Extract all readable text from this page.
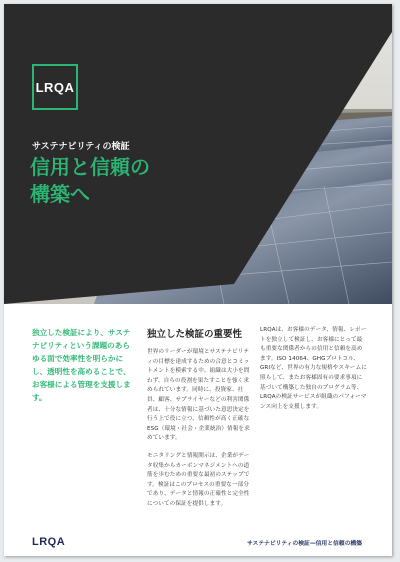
LRQA
サステナビリティの検証
信用と信頼の
構築へ
独立した検証により、サステナビリティという課題のあらゆる面で効率性を明らかにし、透明性を高めることで、お客様による管理を支援します。
独立した検証の重要性
世界のリーダーが環境とサステナビリティの目標を達成するための合意とコミットメントを模索する中、組織は大小を問わず、自らの役割を果たすことを強く求められています。同時に、投資家、社員、顧客、サプライヤーなどの利害関係者は、十分な情報に基づいた意思決定を行う上で役に立つ、信頼性が高く正確なESG（環境・社会・企業統治）情報を求めています。
モニタリングと情報開示は、企業がデータ収集からカーボンマネジメントへの道筋を歩むための重要な最初のステップです。検証はこのプロセスの重要な一部分であり、データと情報の正確性と完全性についての保証を提供します。
LRQAは、お客様のデータ、情報、レポートを独立して検証し、お客様にとって最も重要な関係者からの信用と信頼を高めます。ISO 14064、GHGプロトコル、GRIなど、世界の有力な規格やスキームに照らして、またお客様固有の要求事項に基づいて構築した独自のプログラム等、LRQAの検証サービスが組織のパフォーマンス向上を支援します。
LRQA	サステナビリティの検証—信用と信頼の構築
